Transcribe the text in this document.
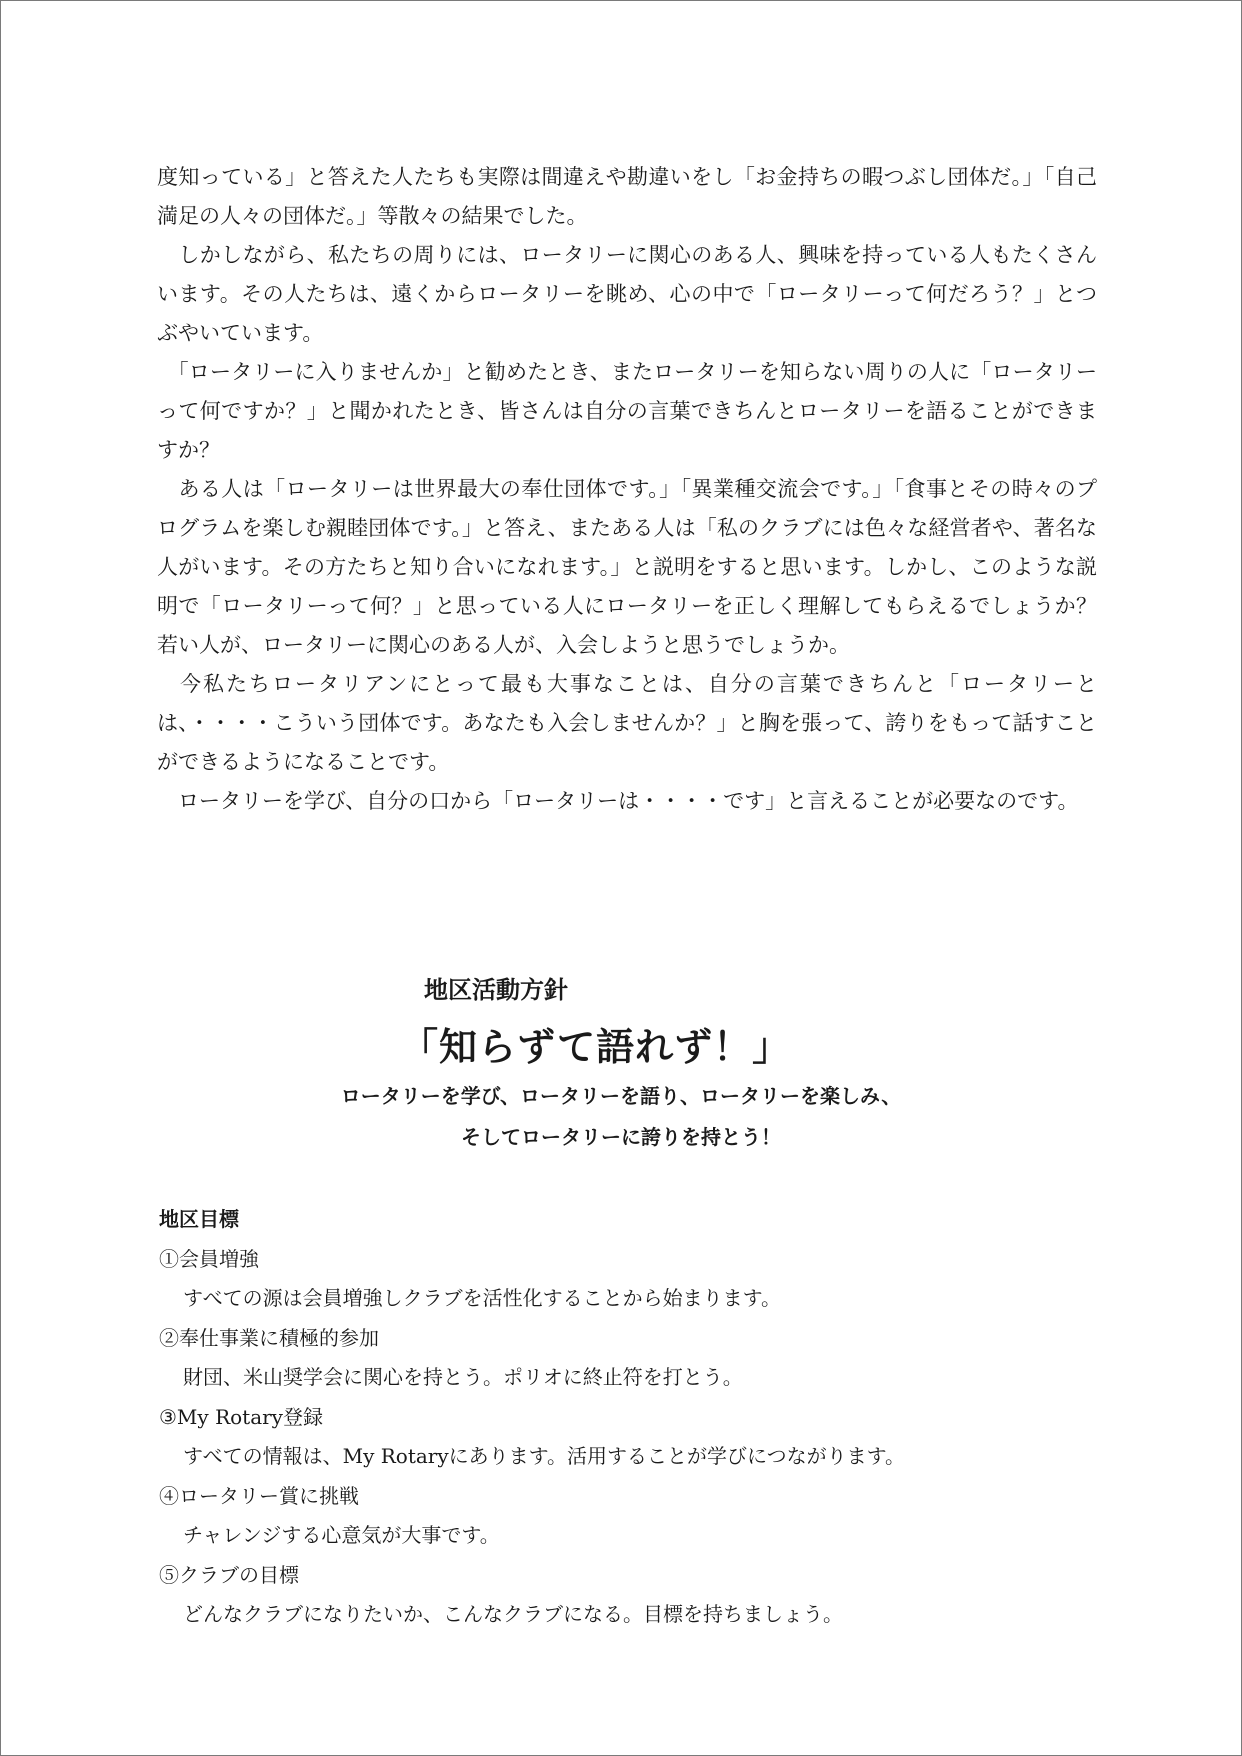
度知っている」と答えた人たちも実際は間違えや勘違いをし「お金持ちの暇つぶし団体だ。」「自己満足の人々の団体だ。」等散々の結果でした。

　しかしながら、私たちの周りには、ロータリーに関心のある人、興味を持っている人もたくさんいます。その人たちは、遠くからロータリーを眺め、心の中で「ロータリーって何だろう？」とつぶやいています。

　「ロータリーに入りませんか」と勧めたとき、またロータリーを知らない周りの人に「ロータリーって何ですか？」と聞かれたとき、皆さんは自分の言葉できちんとロータリーを語ることができますか？

　ある人は「ロータリーは世界最大の奉仕団体です。」「異業種交流会です。」「食事とその時々のプログラムを楽しむ親睦団体です。」と答え、またある人は「私のクラブには色々な経営者や、著名な人がいます。その方たちと知り合いになれます。」と説明をすると思います。しかし、このような説明で「ロータリーって何？」と思っている人にロータリーを正しく理解してもらえるでしょうか？　若い人が、ロータリーに関心のある人が、入会しようと思うでしょうか。

　今私たちロータリアンにとって最も大事なことは、自分の言葉できちんと「ロータリーとは、・・・・こういう団体です。あなたも入会しませんか？」と胸を張って、誇りをもって話すことができるようになることです。

　ロータリーを学び、自分の口から「ロータリーは・・・・です」と言えることが必要なのです。

地区活動方針
「知らずて語れず！」
ロータリーを学び、ロータリーを語り、ロータリーを楽しみ、
そしてロータリーに誇りを持とう！
地区目標
①会員増強
すべての源は会員増強しクラブを活性化することから始まります。
②奉仕事業に積極的参加
財団、米山奨学会に関心を持とう。ポリオに終止符を打とう。
③My Rotary登録
すべての情報は、My Rotaryにあります。活用することが学びにつながります。
④ロータリー賞に挑戦
チャレンジする心意気が大事です。
⑤クラブの目標
どんなクラブになりたいか、こんなクラブになる。目標を持ちましょう。
